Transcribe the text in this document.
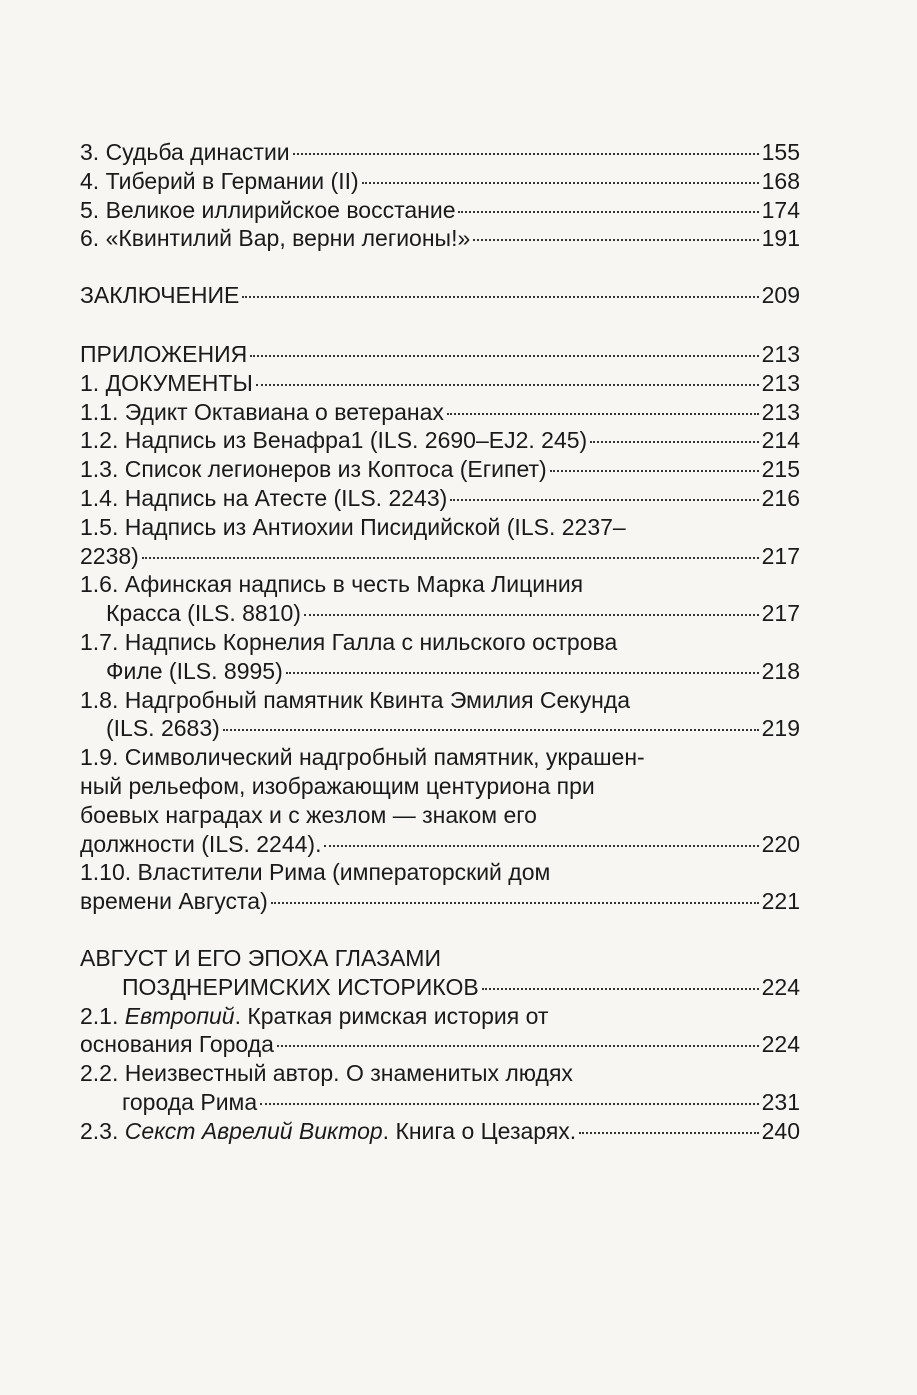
3. Судьба династии	155
4. Тиберий в Германии (II)	168
5. Великое иллирийское восстание	174
6. «Квинтилий Вар, верни легионы!»	191
ЗАКЛЮЧЕНИЕ	209
ПРИЛОЖЕНИЯ	213
1. ДОКУМЕНТЫ	213
1.1. Эдикт Октавиана о ветеранах	213
1.2. Надпись из Венафра1 (ILS. 2690–EJ2. 245)	214
1.3. Список легионеров из Коптоса (Египет)	215
1.4. Надпись на Атесте (ILS. 2243)	216
1.5. Надпись из Антиохии Писидийской (ILS. 2237–
2238)	217
1.6. Афинская надпись в честь Марка Лициния
Красса (ILS. 8810)	217
1.7. Надпись Корнелия Галла с нильского острова
Филе (ILS. 8995)	218
1.8. Надгробный памятник Квинта Эмилия Секунда
(ILS. 2683)	219
1.9. Символический надгробный памятник, украшен-
ный рельефом, изображающим центуриона при
боевых наградах и с жезлом — знаком его
должности (ILS. 2244).	220
1.10. Властители Рима (императорский дом
времени Августа)	221
АВГУСТ И ЕГО ЭПОХА ГЛАЗАМИ
ПОЗДНЕРИМСКИХ ИСТОРИКОВ	224
2.1. Евтропий. Краткая римская история от
основания Города	224
2.2. Неизвестный автор. О знаменитых людях
города Рима	231
2.3. Секст Аврелий Виктор. Книга о Цезарях.	240
